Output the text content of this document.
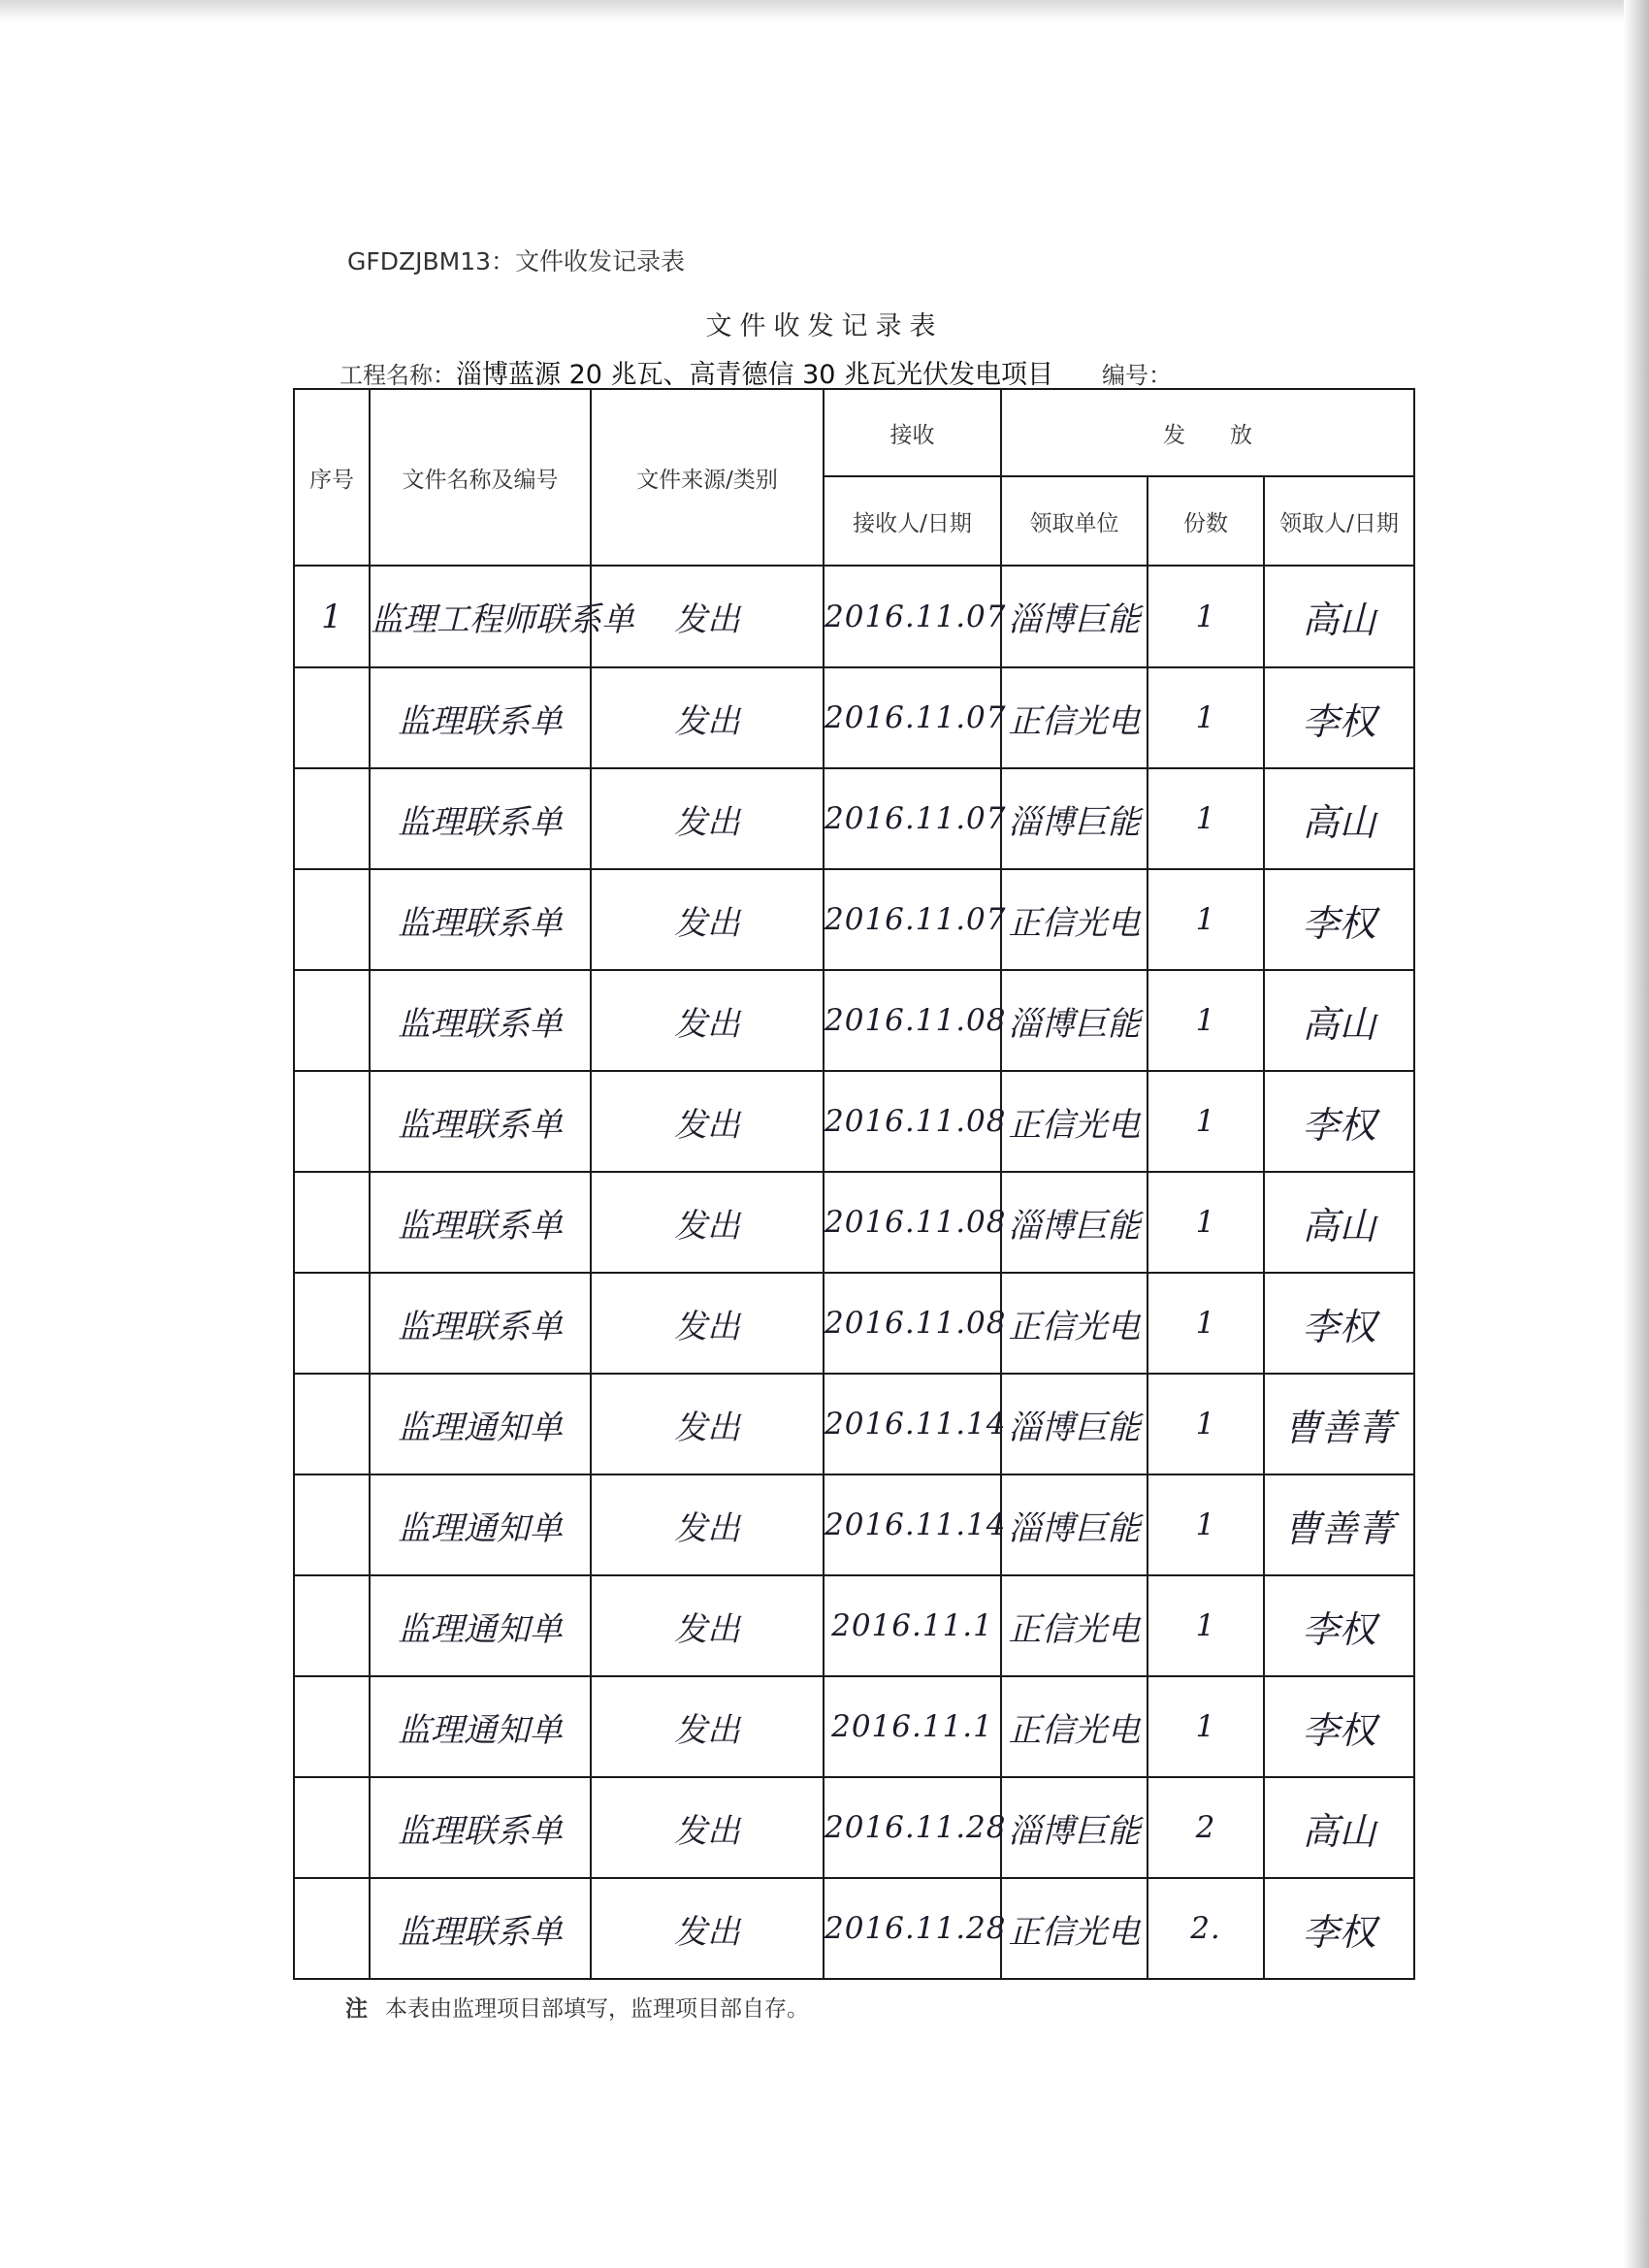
GFDZJBM13：文件收发记录表
文件收发记录表
工程名称：淄博蓝源 20 兆瓦、高青德信 30 兆瓦光伏发电项目 编号：
序号	文件名称及编号	文件来源/类别	接收	发　　放		
			接收人/日期	领取单位	份数	领取人/日期
1	监理工程师联系单	发出	2016.11.07	淄博巨能	1	高山
	监理联系单	发出	2016.11.07	正信光电	1	李权
	监理联系单	发出	2016.11.07	淄博巨能	1	高山
	监理联系单	发出	2016.11.07	正信光电	1	李权
	监理联系单	发出	2016.11.08	淄博巨能	1	高山
	监理联系单	发出	2016.11.08	正信光电	1	李权
	监理联系单	发出	2016.11.08	淄博巨能	1	高山
	监理联系单	发出	2016.11.08	正信光电	1	李权
	监理通知单	发出	2016.11.14	淄博巨能	1	曹善菁
	监理通知单	发出	2016.11.14	淄博巨能	1	曹善菁
	监理通知单	发出	2016.11.1	正信光电	1	李权
	监理通知单	发出	2016.11.1	正信光电	1	李权
	监理联系单	发出	2016.11.28	淄博巨能	2	高山
	监理联系单	发出	2016.11.28	正信光电	2.	李权
注 本表由监理项目部填写，监理项目部自存。
